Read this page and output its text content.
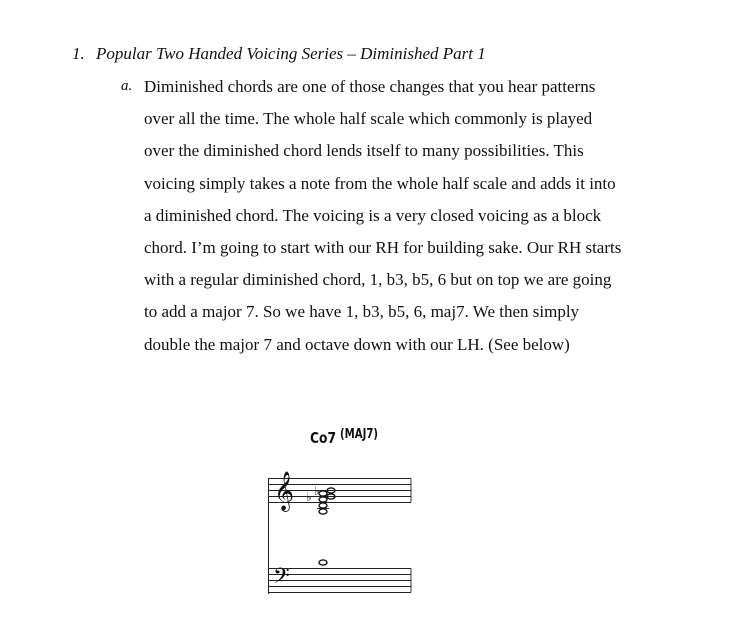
1. Popular Two Handed Voicing Series – Diminished Part 1
a. Diminished chords are one of those changes that you hear patterns
over all the time. The whole half scale which commonly is played
over the diminished chord lends itself to many possibilities. This
voicing simply takes a note from the whole half scale and adds it into
a diminished chord. The voicing is a very closed voicing as a block
chord. I’m going to start with our RH for building sake. Our RH starts
with a regular diminished chord, 1, b3, b5, 6 but on top we are going
to add a major 7. So we have 1, b3, b5, 6, maj7. We then simply
double the major 7 and octave down with our LH. (See below)
Co7 (MAJ7)
𝄞
𝄢
♭ ♭
